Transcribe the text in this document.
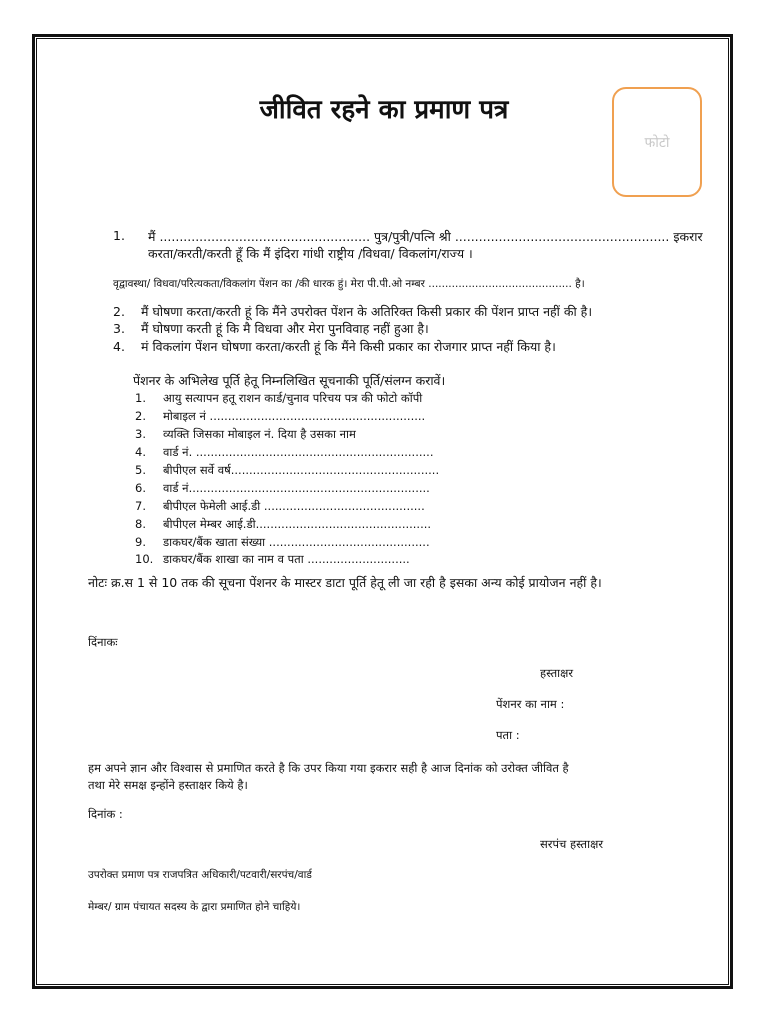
जीवित रहने का प्रमाण पत्र
फोटो
1. मैं ..................................................... पुत्र/पुत्री/पत्नि श्री ...................................................... इकरार
करता/करती/करती हूँ कि मैं इंदिरा गांधी राष्ट्रीय /विधवा/ विकलांग/राज्य ।
वृद्वावस्था/ विधवा/परित्यकता/विकलांग पेंशन का /की धारक हुं। मेरा पी.पी.ओ नम्बर ........................................... है।
2. मैं घोषणा करता/करती हूं कि मैंने उपरोक्त पेंशन के अतिरिक्त किसी प्रकार की पेंशन प्राप्त नहीं की है।
3. मैं घोषणा करती हूं कि मै विधवा और मेरा पुनविवाह नहीं हुआ है।
4. मं विकलांग पेंशन घोषणा करता/करती हूं कि मैंने किसी प्रकार का रोजगार प्राप्त नहीं किया है।
पेंशनर के अभिलेख पूर्ति हेतू निम्नलिखित सूचनाकी पूर्ति/संलग्न करावें।
1. आयु सत्यापन हतू राशन कार्ड/चुनाव परिचय पत्र की फोटो कॉपी
2. मोबाइल नं ...........................................................
3. व्यक्ति जिसका मोबाइल नं. दिया है उसका नाम
4. वार्ड नं. .................................................................
5. बीपीएल सर्वे वर्ष.........................................................
6. वार्ड नं..................................................................
7. बीपीएल फेमेली आई.डी ............................................
8. बीपीएल मेम्बर आई.डी................................................
9. डाकघर/बैंक खाता संख्या ............................................
10. डाकघर/बैंक शाखा का नाम व पता ............................
नोटः क्र.स 1 से 10 तक की सूचना पेंशनर के मास्टर डाटा पूर्ति हेतू ली जा रही है इसका अन्य कोई प्रायोजन नहीं है।
दिंनाकः
हस्ताक्षर
पेंशनर का नाम :
पता :
हम अपने ज्ञान और विश्वास से प्रमाणित करते है कि उपर किया गया इकरार सही है आज दिनांक को उरोक्त जीवित है
तथा मेरे समक्ष इन्होंने हस्ताक्षर किये है।
दिनांक :
सरपंच हस्ताक्षर
उपरोक्त प्रमाण पत्र राजपत्रित अधिकारी/पटवारी/सरपंच/वार्ड
मेम्बर/ ग्राम पंचायत सदस्य के द्वारा प्रमाणित होने चाहिये।
